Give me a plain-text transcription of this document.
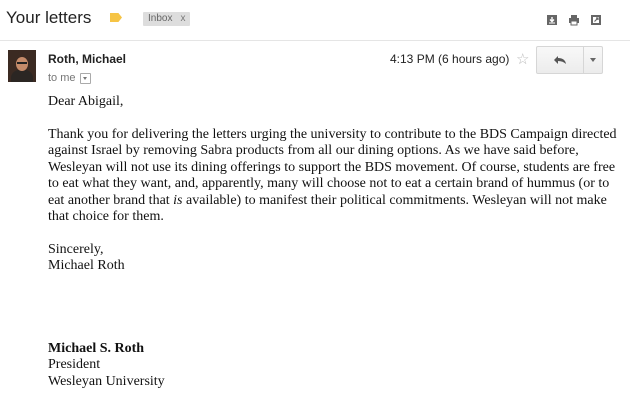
Your letters	Inbox x
Roth, Michael
to me
4:13 PM (6 hours ago) ☆

Dear Abigail,

Thank you for delivering the letters urging the university to contribute to the BDS Campaign directed against Israel by removing Sabra products from all our dining options. As we have said before, Wesleyan will not use its dining offerings to support the BDS movement. Of course, students are free to eat what they want, and, apparently, many will choose not to eat a certain brand of hummus (or to eat another brand that is available) to manifest their political commitments. Wesleyan will not make that choice for them.

Sincerely,
Michael Roth
Michael S. Roth
President
Wesleyan University
